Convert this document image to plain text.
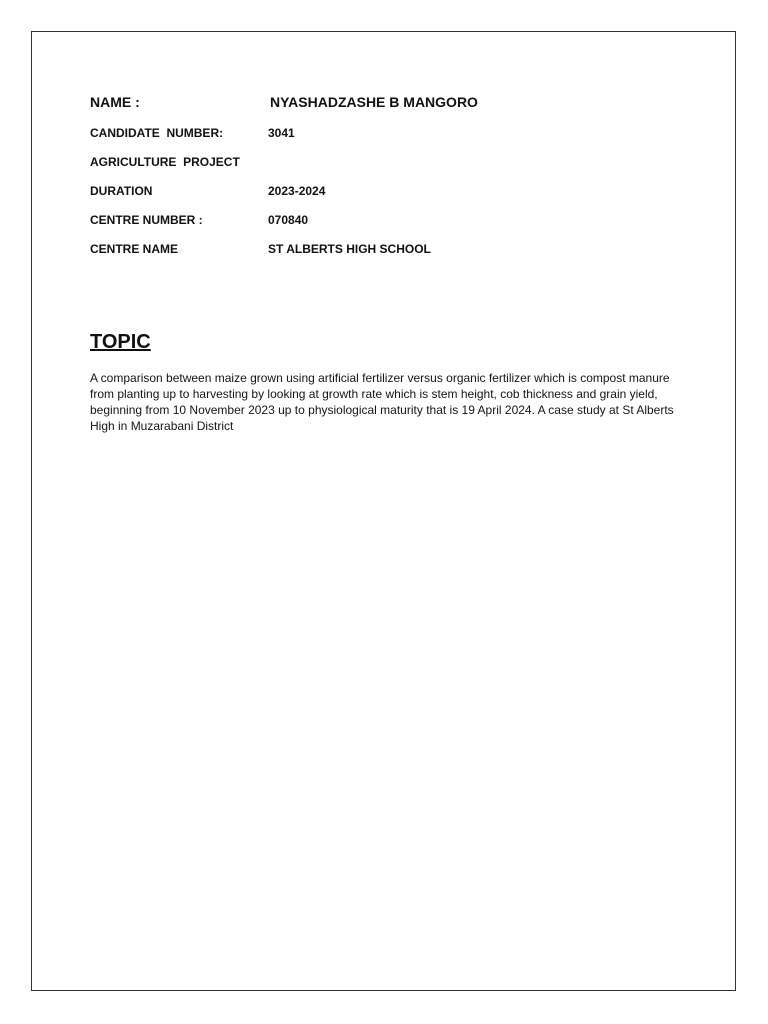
NAME :	NYASHADZASHE B MANGORO
CANDIDATE  NUMBER:	3041
AGRICULTURE  PROJECT
DURATION	2023-2024
CENTRE NUMBER :	070840
CENTRE NAME	ST ALBERTS HIGH SCHOOL
TOPIC

A comparison between maize grown using artificial fertilizer versus organic fertilizer which is compost manure from planting up to harvesting by looking at growth rate which is stem height, cob thickness and grain yield, beginning from 10 November 2023 up to physiological maturity that is 19 April 2024. A case study at St Alberts High in Muzarabani District
